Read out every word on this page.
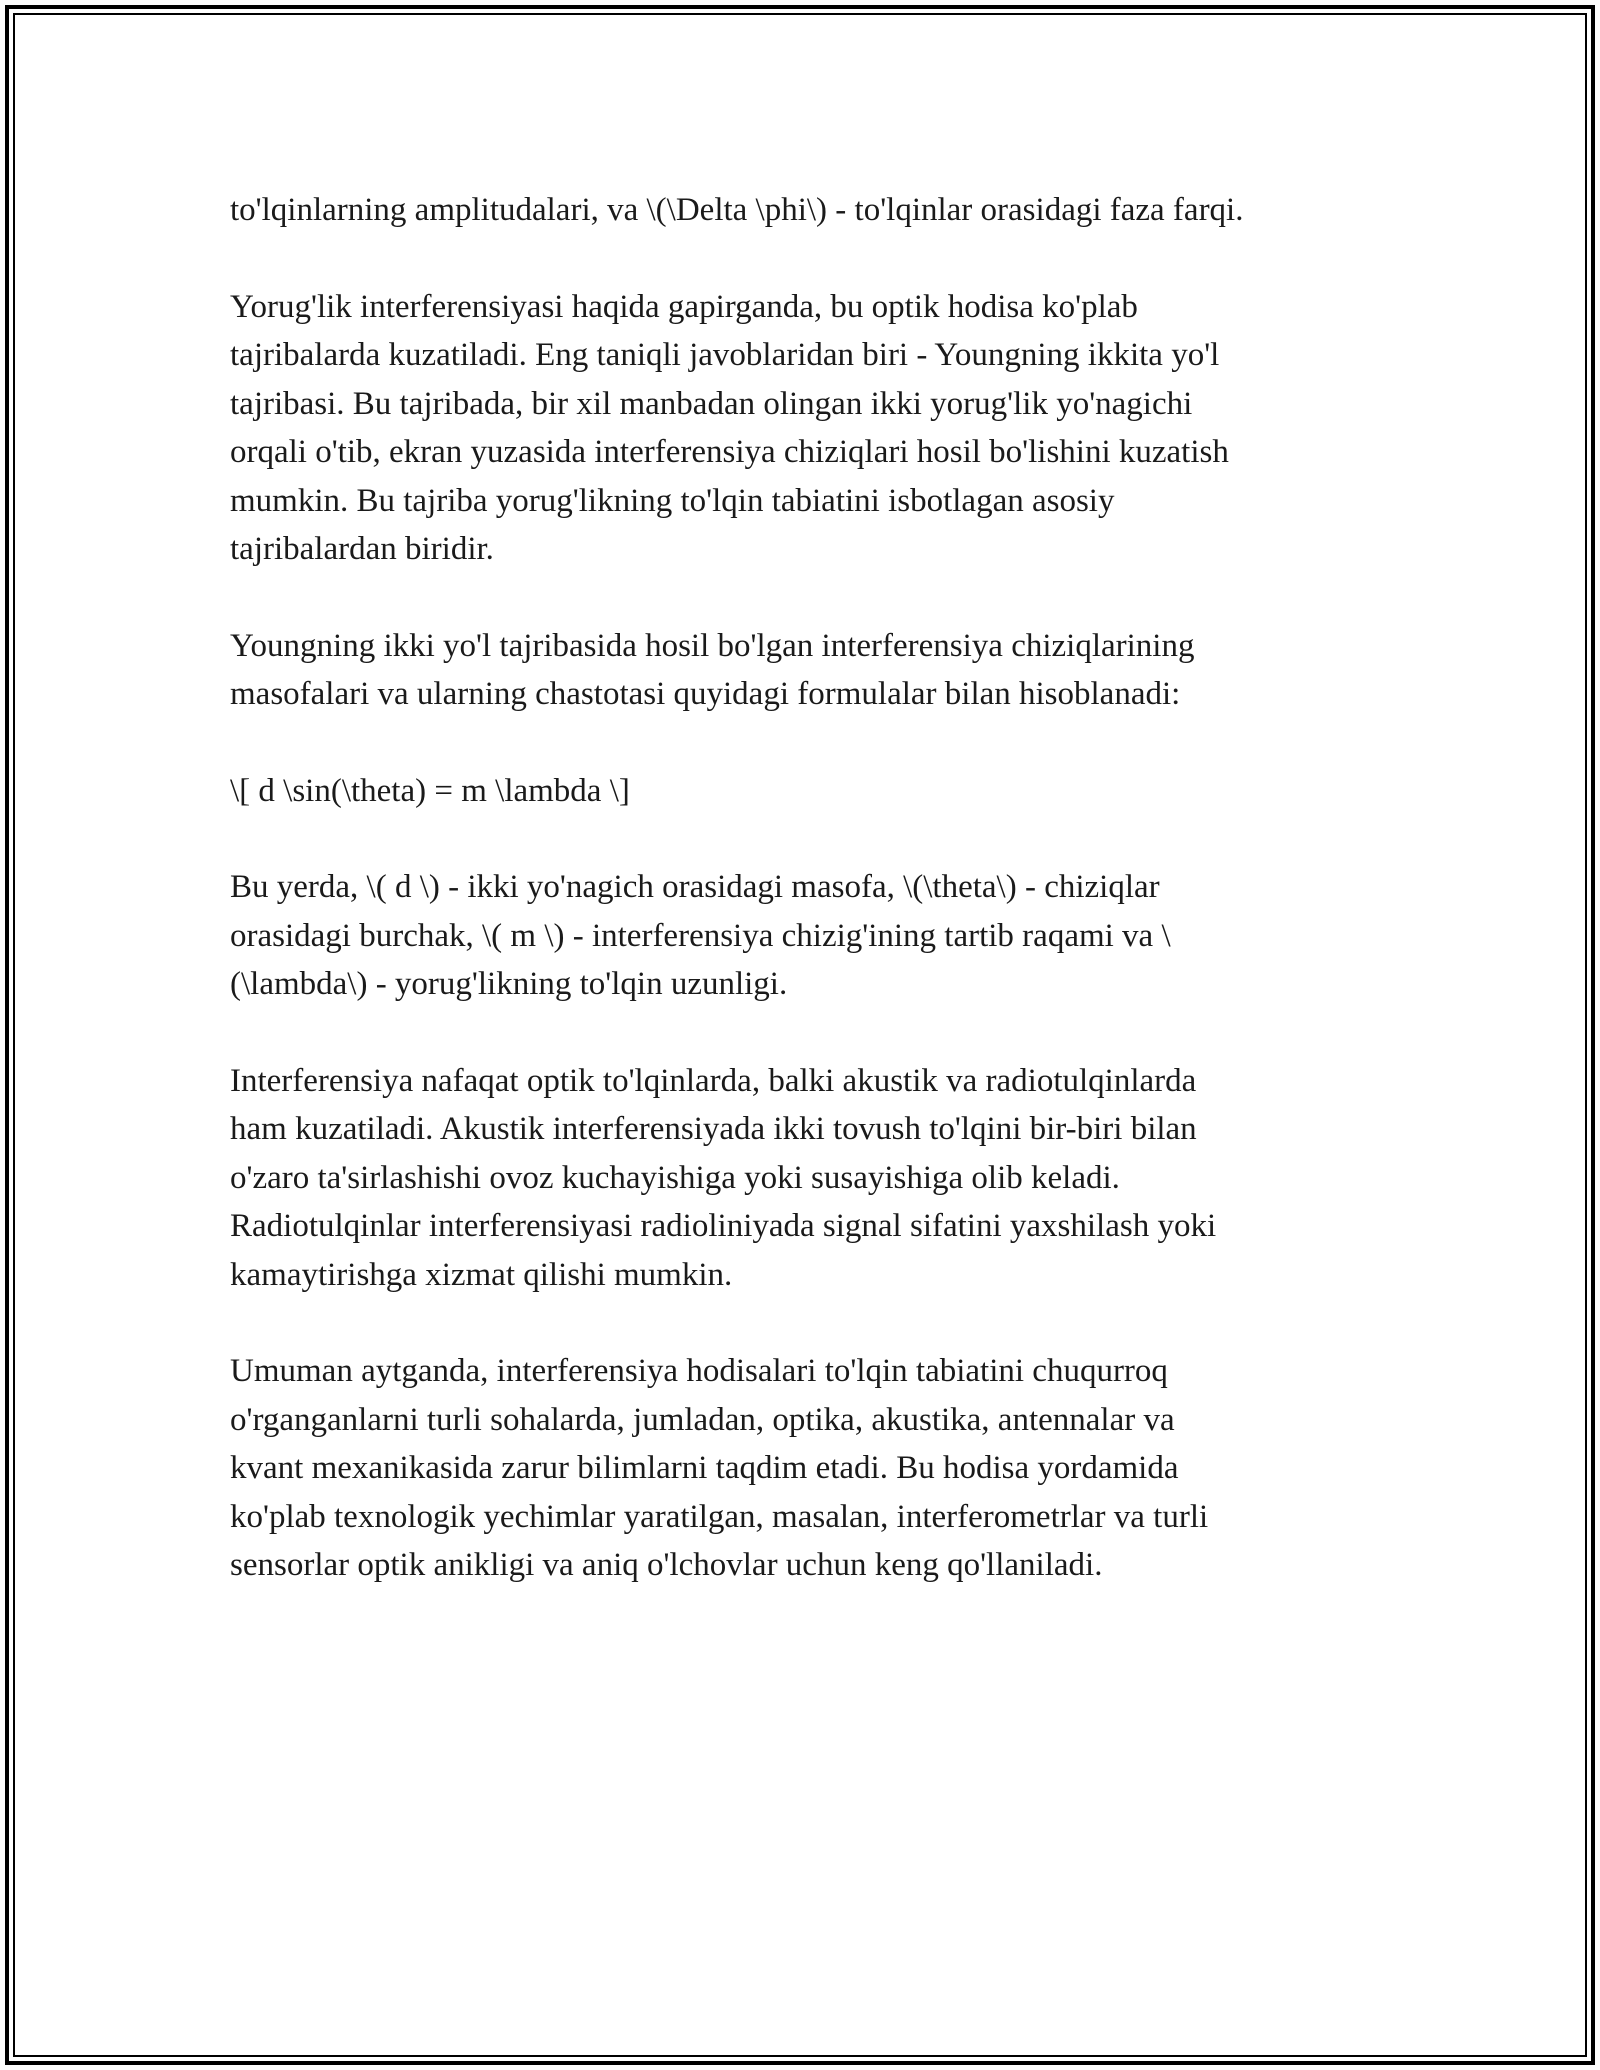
to'lqinlarning amplitudalari, va \(\Delta \phi\) - to'lqinlar orasidagi faza farqi.

Yorug'lik interferensiyasi haqida gapirganda, bu optik hodisa ko'plab
tajribalarda kuzatiladi. Eng taniqli javoblaridan biri - Youngning ikkita yo'l
tajribasi. Bu tajribada, bir xil manbadan olingan ikki yorug'lik yo'nagichi
orqali o'tib, ekran yuzasida interferensiya chiziqlari hosil bo'lishini kuzatish
mumkin. Bu tajriba yorug'likning to'lqin tabiatini isbotlagan asosiy
tajribalardan biridir.

Youngning ikki yo'l tajribasida hosil bo'lgan interferensiya chiziqlarining
masofalari va ularning chastotasi quyidagi formulalar bilan hisoblanadi:

\[ d \sin(\theta) = m \lambda \]

Bu yerda, \( d \) - ikki yo'nagich orasidagi masofa, \(\theta\) - chiziqlar
orasidagi burchak, \( m \) - interferensiya chizig'ining tartib raqami va \
(\lambda\) - yorug'likning to'lqin uzunligi.

Interferensiya nafaqat optik to'lqinlarda, balki akustik va radiotulqinlarda
ham kuzatiladi. Akustik interferensiyada ikki tovush to'lqini bir-biri bilan
o'zaro ta'sirlashishi ovoz kuchayishiga yoki susayishiga olib keladi.
Radiotulqinlar interferensiyasi radioliniyada signal sifatini yaxshilash yoki
kamaytirishga xizmat qilishi mumkin.

Umuman aytganda, interferensiya hodisalari to'lqin tabiatini chuqurroq
o'rganganlarni turli sohalarda, jumladan, optika, akustika, antennalar va
kvant mexanikasida zarur bilimlarni taqdim etadi. Bu hodisa yordamida
ko'plab texnologik yechimlar yaratilgan, masalan, interferometrlar va turli
sensorlar optik anikligi va aniq o'lchovlar uchun keng qo'llaniladi.
